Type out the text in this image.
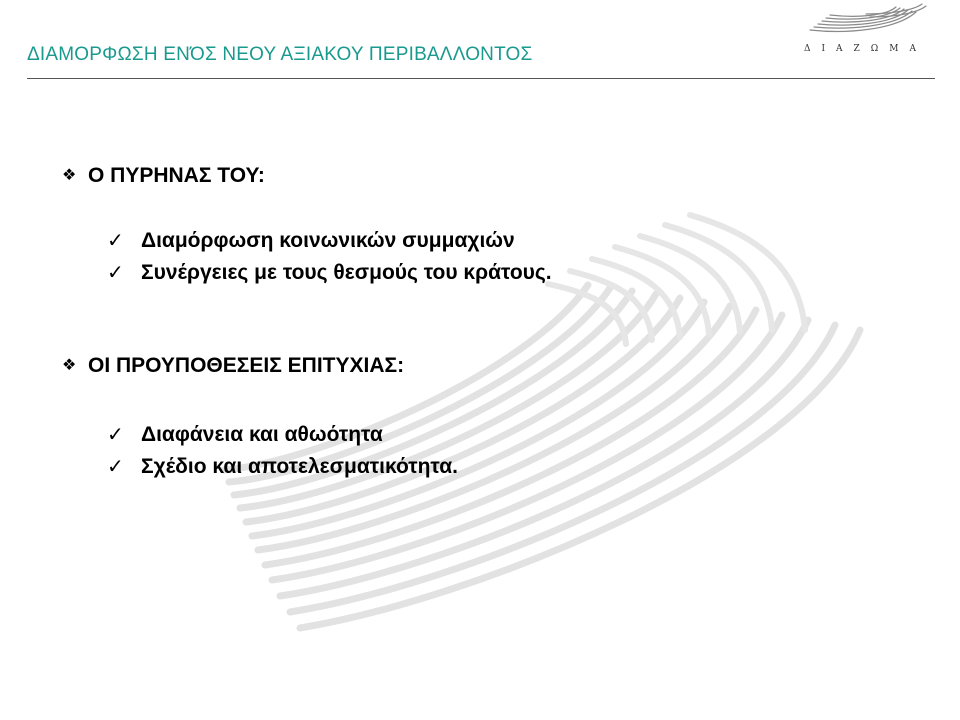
ΔΙΑΜΟΡΦΩΣΗ ΕΝΌΣ ΝΕΟΥ ΑΞΙΑΚΟΥ ΠΕΡΙΒΑΛΛΟΝΤΟΣ	ΔΙΑΖΩΜΑ
❖ Ο ΠΥΡΗΝΑΣ ΤΟΥ:
✓ Διαμόρφωση κοινωνικών συμμαχιών
✓ Συνέργειες με τους θεσμούς του κράτους.
❖ ΟΙ ΠΡΟΥΠΟΘΕΣΕΙΣ ΕΠΙΤΥΧΙΑΣ:
✓ Διαφάνεια και αθωότητα
✓ Σχέδιο και αποτελεσματικότητα.
